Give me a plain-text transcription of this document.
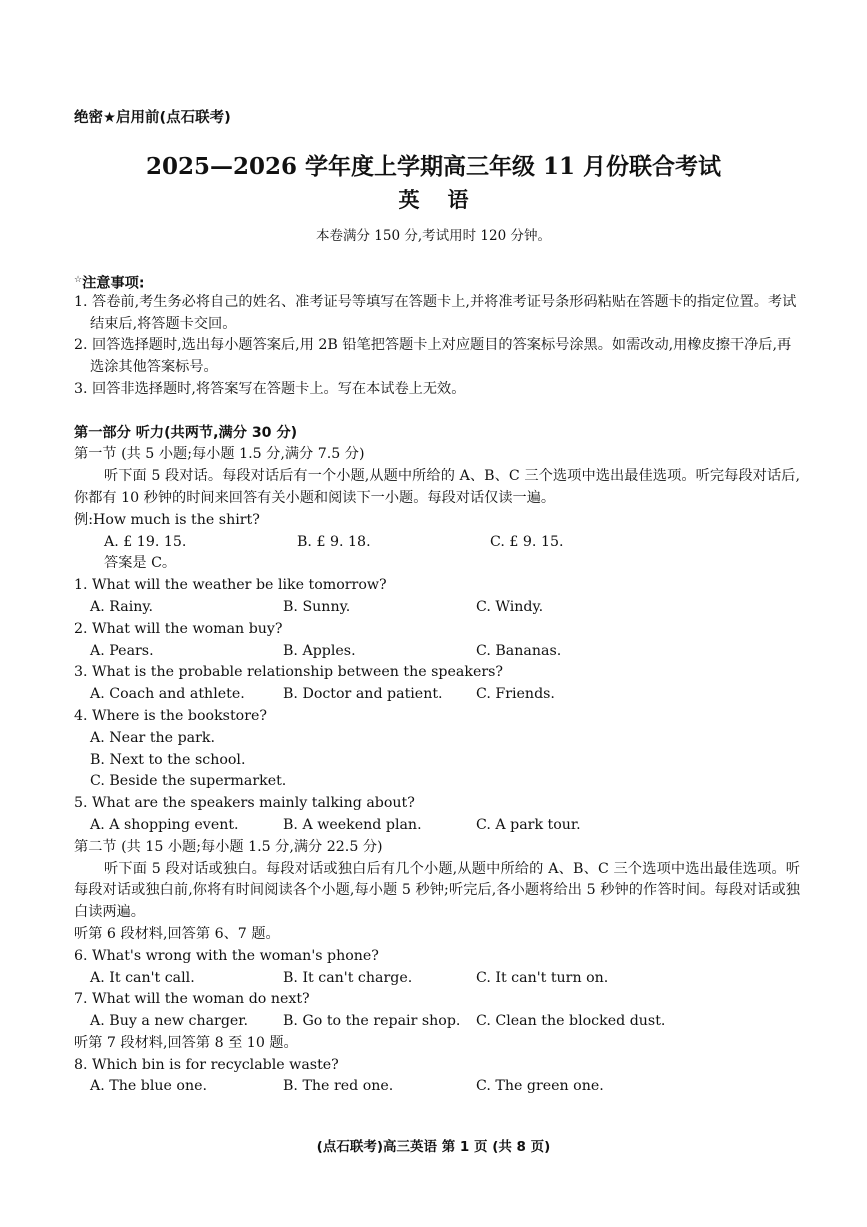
绝密★启用前(点石联考)
2025—2026 学年度上学期高三年级 11 月份联合考试
英语
本卷满分 150 分,考试用时 120 分钟。
☆注意事项:
1. 答卷前,考生务必将自己的姓名、准考证号等填写在答题卡上,并将准考证号条形码粘贴在答题卡的指定位置。考试结束后,将答题卡交回。
2. 回答选择题时,选出每小题答案后,用 2B 铅笔把答题卡上对应题目的答案标号涂黑。如需改动,用橡皮擦干净后,再选涂其他答案标号。
3. 回答非选择题时,将答案写在答题卡上。写在本试卷上无效。
第一部分 听力(共两节,满分 30 分)
第一节 (共 5 小题;每小题 1.5 分,满分 7.5 分)
听下面 5 段对话。每段对话后有一个小题,从题中所给的 A、B、C 三个选项中选出最佳选项。听完每段对话后,你都有 10 秒钟的时间来回答有关小题和阅读下一小题。每段对话仅读一遍。
例:How much is the shirt?
A. £ 19. 15.	B. £ 9. 18.	C. £ 9. 15.
答案是 C。
1. What will the weather be like tomorrow?
A. Rainy.	B. Sunny.	C. Windy.
2. What will the woman buy?
A. Pears.	B. Apples.	C. Bananas.
3. What is the probable relationship between the speakers?
A. Coach and athlete.	B. Doctor and patient.	C. Friends.
4. Where is the bookstore?
A. Near the park.
B. Next to the school.
C. Beside the supermarket.
5. What are the speakers mainly talking about?
A. A shopping event.	B. A weekend plan.	C. A park tour.
第二节 (共 15 小题;每小题 1.5 分,满分 22.5 分)
听下面 5 段对话或独白。每段对话或独白后有几个小题,从题中所给的 A、B、C 三个选项中选出最佳选项。听每段对话或独白前,你将有时间阅读各个小题,每小题 5 秒钟;听完后,各小题将给出 5 秒钟的作答时间。每段对话或独白读两遍。
听第 6 段材料,回答第 6、7 题。
6. What's wrong with the woman's phone?
A. It can't call.	B. It can't charge.	C. It can't turn on.
7. What will the woman do next?
A. Buy a new charger.	B. Go to the repair shop.	C. Clean the blocked dust.
听第 7 段材料,回答第 8 至 10 题。
8. Which bin is for recyclable waste?
A. The blue one.	B. The red one.	C. The green one.
(点石联考)高三英语 第 1 页 (共 8 页)
